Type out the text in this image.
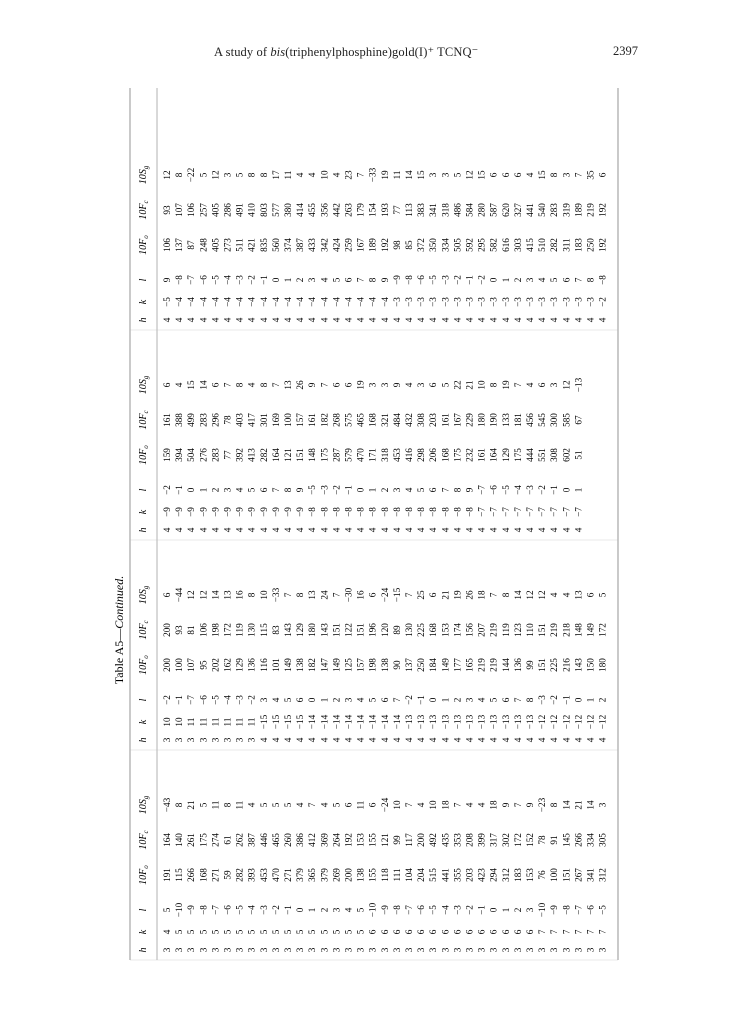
A study of bis(triphenylphosphine)gold(I)⁺ TCNQ⁻	2397
Table A5—Continued.
h
k
l
$10F_o$
$10F_c$
$10S_g$
3
4
5
191
164
−43
3
5
−10
115
140
8
3
5
−9
266
261
21
3
5
−8
168
175
5
3
5
−7
271
274
11
3
5
−6
59
61
8
3
5
−5
282
262
11
3
5
−4
393
387
4
3
5
−3
453
446
5
3
5
−2
470
465
5
3
5
−1
271
260
5
3
5
0
379
386
4
3
5
1
365
412
7
3
5
2
379
369
4
3
5
3
269
264
5
3
5
4
200
192
6
3
5
5
138
153
11
3
6
−10
155
155
6
3
6
−9
118
121
−24
3
6
−8
111
99
10
3
6
−7
104
117
7
3
6
−6
204
200
4
3
6
−5
515
492
10
3
6
−4
441
435
18
3
6
−3
355
353
7
3
6
−2
203
208
4
3
6
−1
423
399
4
3
6
0
294
317
18
3
6
1
312
302
9
3
6
2
183
172
7
3
6
3
153
152
9
3
7
−10
76
78
−23
3
7
−9
100
91
8
3
7
−8
151
145
14
3
7
−7
267
266
21
3
7
−6
341
334
14
3
7
−5
312
305
3
h
k
l
$10F_o$
$10F_c$
$10S_g$
3
10
−2
200
200
6
3
10
−1
100
93
−44
3
11
−7
107
81
12
3
11
−6
95
106
12
3
11
−5
202
198
14
3
11
−4
162
172
13
3
11
−3
129
119
16
3
11
−2
136
130
8
4
−15
3
116
115
10
4
−15
4
101
83
−33
4
−15
5
149
143
7
4
−15
6
138
129
8
4
−14
0
182
180
13
4
−14
1
147
143
24
4
−14
2
149
151
7
4
−14
3
125
122
−30
4
−14
4
157
151
16
4
−14
5
198
196
6
4
−14
6
138
120
−24
4
−14
7
90
89
−15
4
−13
−2
137
130
7
4
−13
−1
250
225
25
4
−13
0
184
168
6
4
−13
1
149
153
21
4
−13
2
177
174
19
4
−13
3
165
156
26
4
−13
4
219
207
18
4
−13
5
219
219
7
4
−13
6
144
119
8
4
−13
7
136
123
14
4
−13
8
99
110
12
4
−12
−3
151
151
12
4
−12
−2
225
219
4
4
−12
−1
216
218
4
4
−12
0
143
148
13
4
−12
1
150
149
6
4
−12
2
180
172
5
h
k
l
$10F_o$
$10F_c$
$10S_g$
4
−9
−2
159
161
6
4
−9
−1
394
388
4
4
−9
0
504
499
15
4
−9
1
276
283
14
4
−9
2
283
296
6
4
−9
3
77
78
7
4
−9
4
392
403
8
4
−9
5
413
417
4
4
−9
6
282
301
8
4
−9
7
164
169
7
4
−9
8
121
100
13
4
−9
9
151
157
26
4
−8
−5
148
161
9
4
−8
−3
175
182
7
4
−8
−2
287
268
6
4
−8
−1
579
575
6
4
−8
0
470
465
19
4
−8
1
171
168
3
4
−8
2
318
321
3
4
−8
3
453
484
9
4
−8
4
416
432
4
4
−8
5
298
308
3
4
−8
6
206
203
6
4
−8
7
168
161
5
4
−8
8
175
167
22
4
−8
9
232
229
21
4
−7
−7
161
180
10
4
−7
−6
164
190
8
4
−7
−5
129
133
19
4
−7
−4
175
181
7
4
−7
−3
444
456
4
4
−7
−2
551
545
6
4
−7
−1
308
300
3
4
−7
0
602
585
12
4
−7
1
51
67
−13
h
k
l
$10F_o$
$10F_c$
$10S_g$
4
−5
9
106
93
12
4
−4
−8
137
107
8
4
−4
−7
87
106
−22
4
−4
−6
248
257
5
4
−4
−5
405
405
12
4
−4
−4
273
286
3
4
−4
−3
511
491
5
4
−4
−2
421
410
8
4
−4
−1
835
803
8
4
−4
0
560
577
17
4
−4
1
374
380
11
4
−4
2
387
414
4
4
−4
3
433
455
4
4
−4
4
342
356
10
4
−4
5
424
442
4
4
−4
6
259
263
23
4
−4
7
167
179
7
4
−4
8
189
154
−33
4
−4
9
192
193
19
4
−3
−9
98
77
11
4
−3
−8
85
113
14
4
−3
−6
372
383
15
4
−3
−5
350
341
3
4
−3
−3
334
318
3
4
−3
−2
505
486
5
4
−3
−1
592
584
12
4
−3
−2
295
280
15
4
−3
0
582
587
6
4
−3
1
616
620
6
4
−3
2
303
327
6
4
−3
3
415
441
4
4
−3
4
510
540
15
4
−3
5
282
283
8
4
−3
6
311
319
3
4
−3
7
183
189
7
4
−3
8
250
219
35
4
−2
−8
192
192
6
